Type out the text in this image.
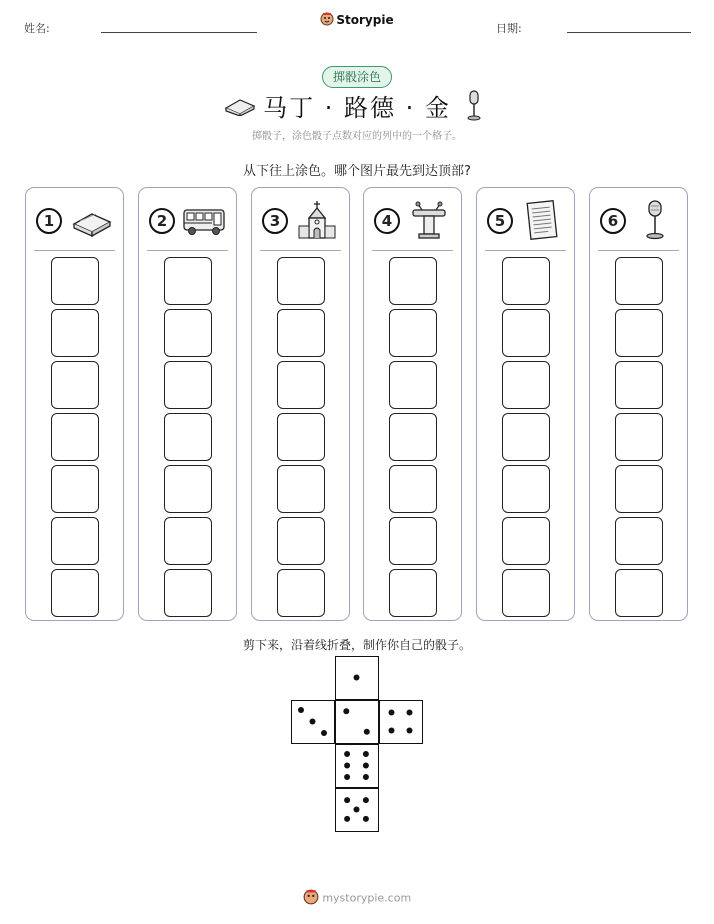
姓名:
Storypie
日期:
掷骰涂色
马丁 · 路德 · 金
掷骰子，涂色骰子点数对应的列中的一个格子。
从下往上涂色。哪个图片最先到达顶部?
1	2	3	4	5	6
剪下来，沿着线折叠，制作你自己的骰子。
mystorypie.com
